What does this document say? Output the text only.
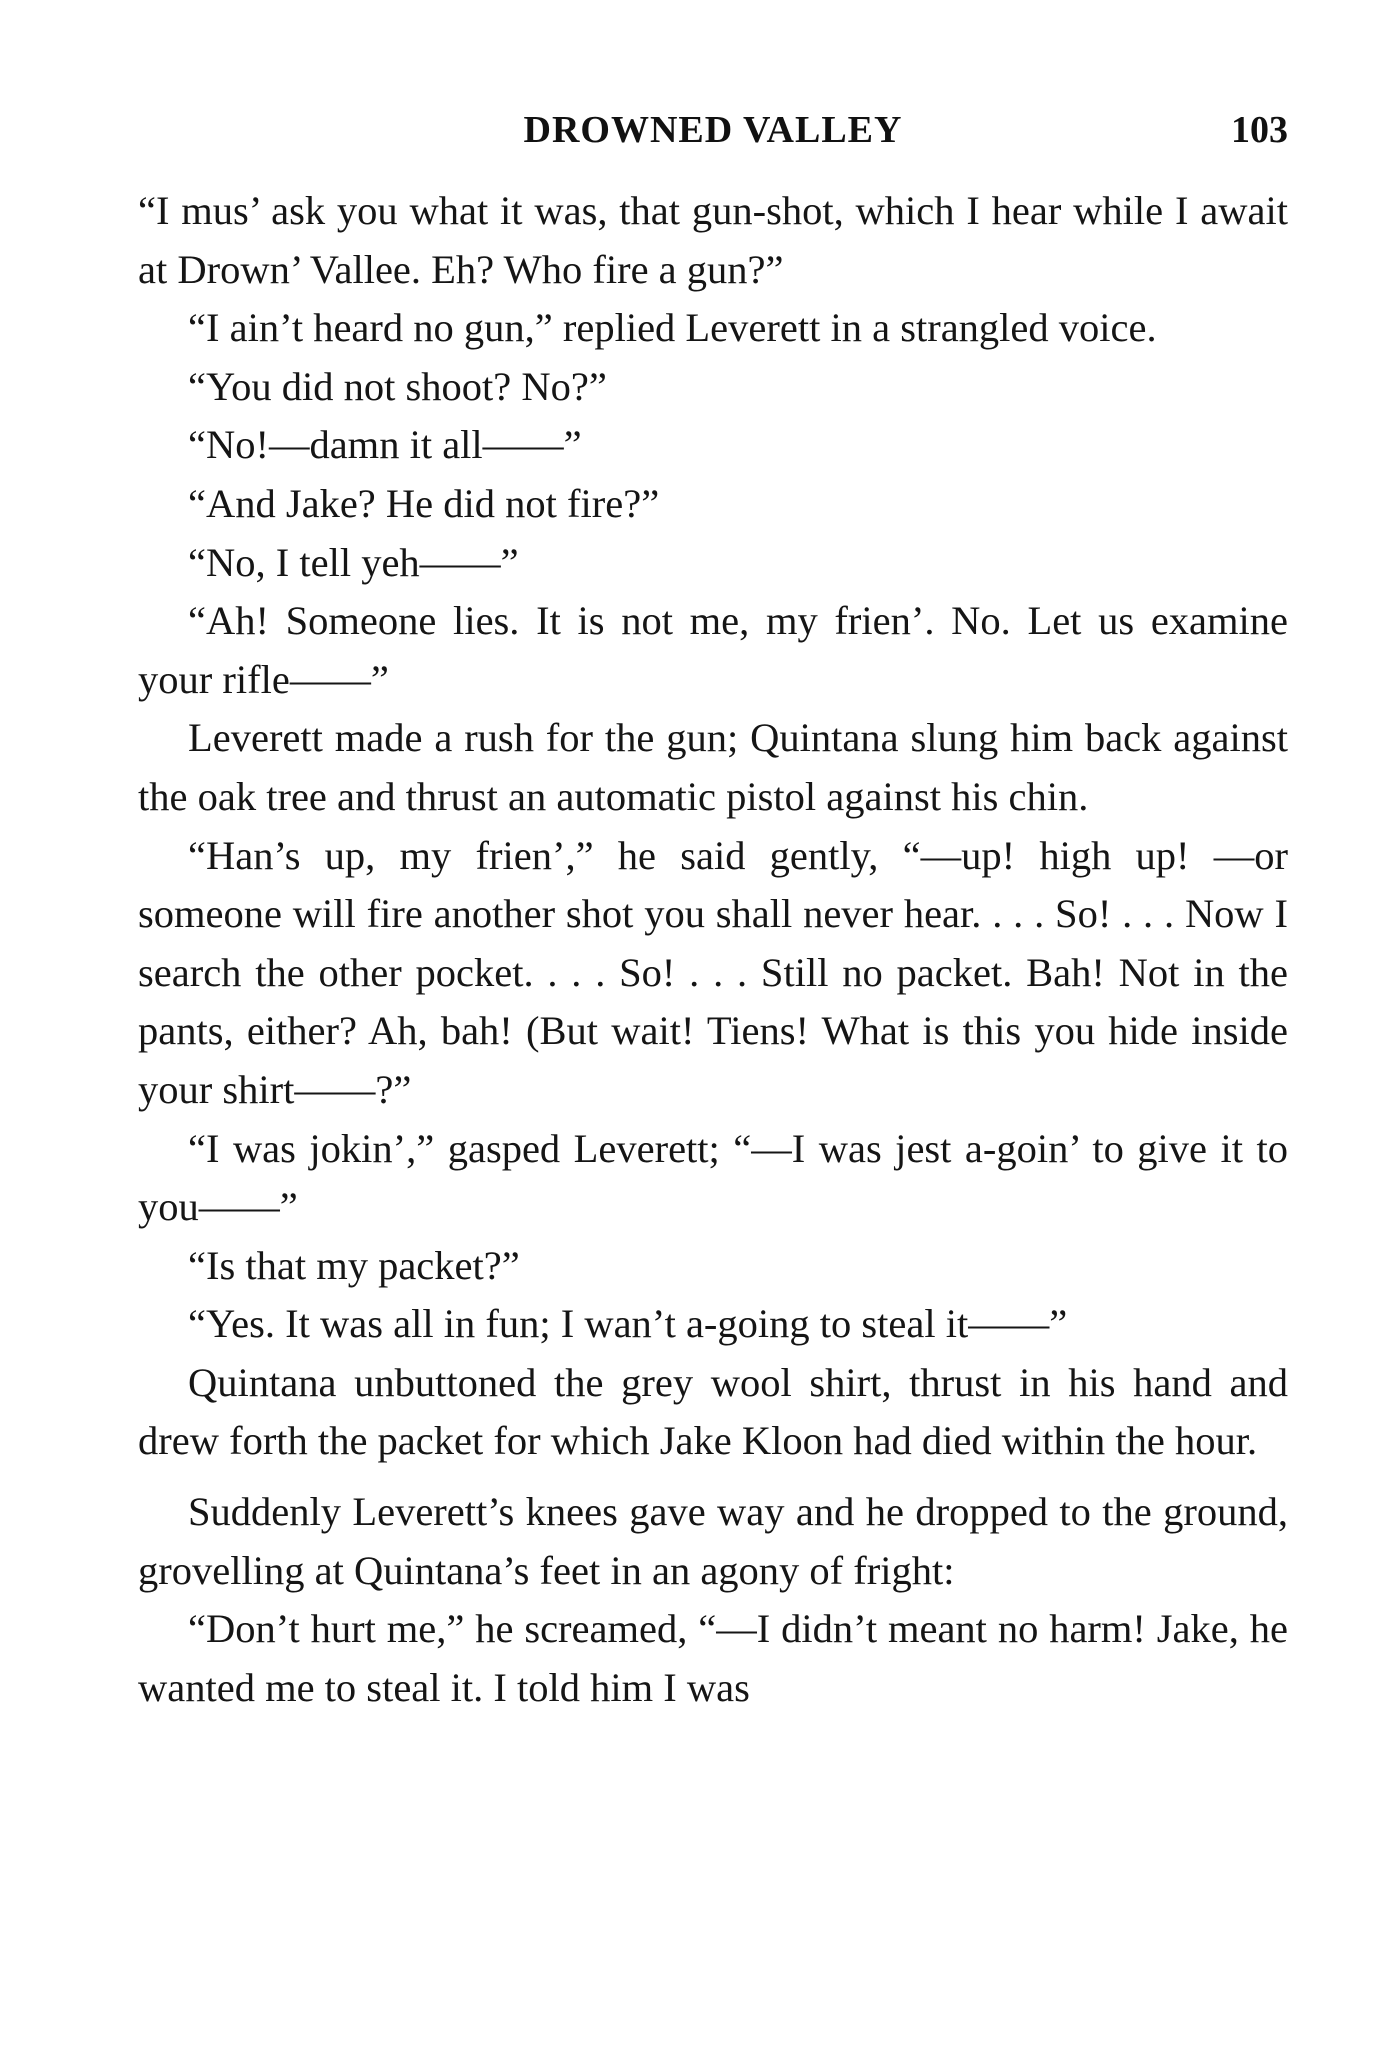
DROWNED VALLEY	103

“I mus’ ask you what it was, that gun-shot, which I hear while I await at Drown’ Vallee. Eh? Who fire a gun?”

“I ain’t heard no gun,” replied Leverett in a strangled voice.

“You did not shoot? No?”

“No!—damn it all——”

“And Jake? He did not fire?”

“No, I tell yeh——”

“Ah! Someone lies. It is not me, my frien’. No. Let us examine your rifle——”

Leverett made a rush for the gun; Quintana slung him back against the oak tree and thrust an automatic pistol against his chin.

“Han’s up, my frien’,” he said gently, “—up! high up! —or someone will fire another shot you shall never hear. . . . So! . . . Now I search the other pocket. . . . So! . . . Still no packet. Bah! Not in the pants, either? Ah, bah! (But wait! Tiens! What is this you hide inside your shirt——?”

“I was jokin’,” gasped Leverett; “—I was jest a-goin’ to give it to you——”

“Is that my packet?”

“Yes. It was all in fun; I wan’t a-going to steal it——”

Quintana unbuttoned the grey wool shirt, thrust in his hand and drew forth the packet for which Jake Kloon had died within the hour.

Suddenly Leverett’s knees gave way and he dropped to the ground, grovelling at Quintana’s feet in an agony of fright:

“Don’t hurt me,” he screamed, “—I didn’t meant no harm! Jake, he wanted me to steal it. I told him I was
